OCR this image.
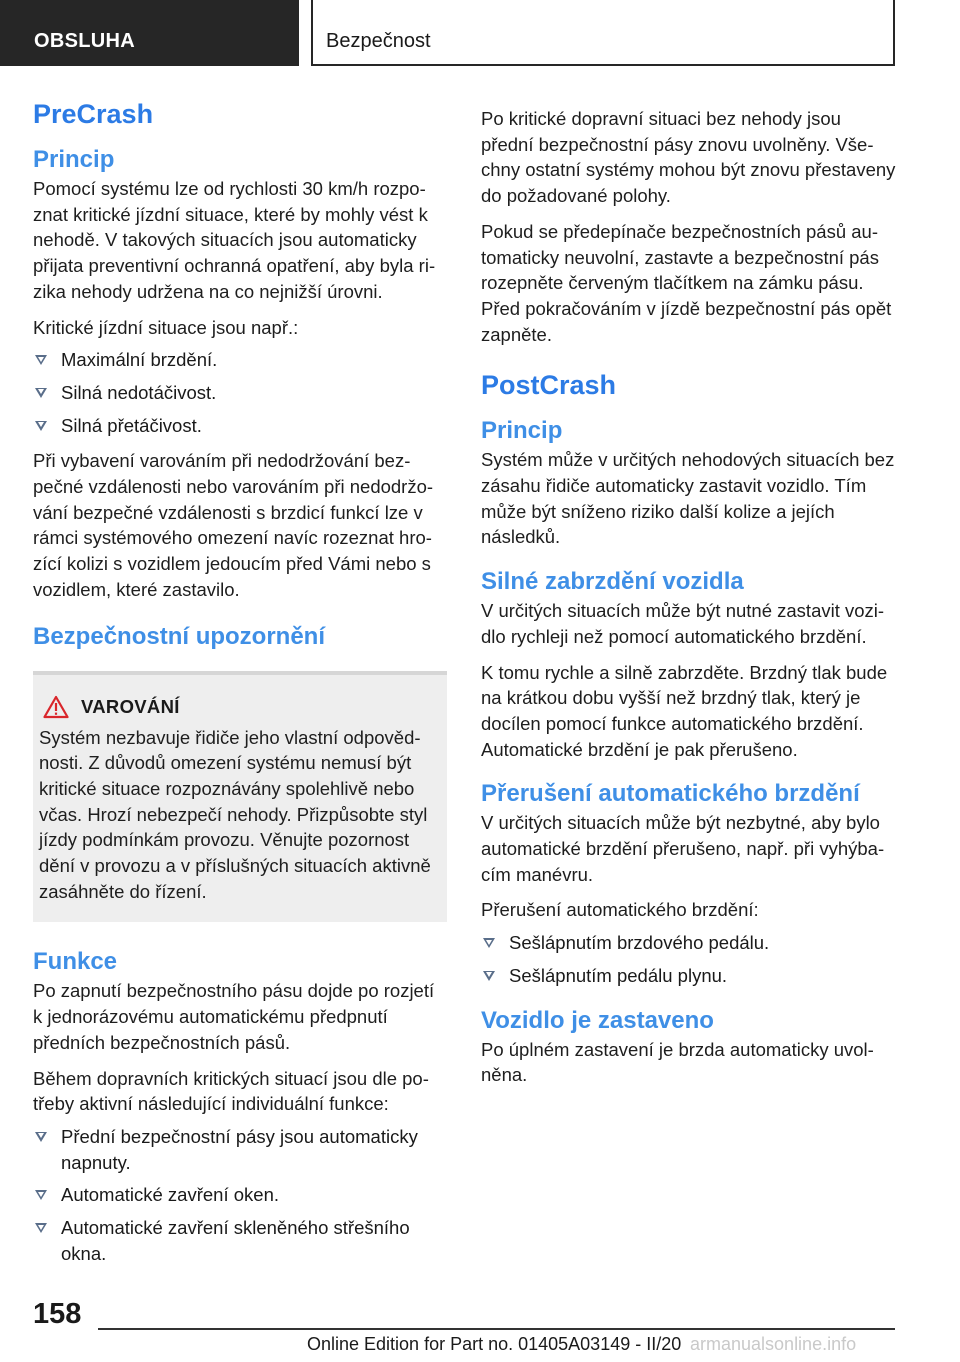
OBSLUHA	Bezpečnost
PreCrash
Princip

Pomocí systému lze od rychlosti 30 km/h rozpoznat kritické jízdní situace, které by mohly vést k nehodě. V takových situacích jsou automaticky přijata preventivní ochranná opatření, aby byla rizika nehody udržena na co nejnižší úrovni.

Kritické jízdní situace jsou např.:

Maximální brzdění.
Silná nedotáčivost.
Silná přetáčivost.

Při vybavení varováním při nedodržování bezpečné vzdálenosti nebo varováním při nedodržování bezpečné vzdálenosti s brzdicí funkcí lze v rámci systémového omezení navíc rozeznat hrozící kolizi s vozidlem jedoucím před Vámi nebo s vozidlem, které zastavilo.

Bezpečnostní upozornění
VAROVÁNÍ

Systém nezbavuje řidiče jeho vlastní odpovědnosti. Z důvodů omezení systému nemusí být kritické situace rozpoznávány spolehlivě nebo včas. Hrozí nebezpečí nehody. Přizpůsobte styl jízdy podmínkám provozu. Věnujte pozornost dění v provozu a v příslušných situacích aktivně zasáhněte do řízení.

Funkce

Po zapnutí bezpečnostního pásu dojde po rozjetí k jednorázovému automatickému předpnutí předních bezpečnostních pásů.

Během dopravních kritických situací jsou dle potřeby aktivní následující individuální funkce:

Přední bezpečnostní pásy jsou automaticky napnuty.
Automatické zavření oken.
Automatické zavření skleněného střešního okna.

Po kritické dopravní situaci bez nehody jsou přední bezpečnostní pásy znovu uvolněny. Všechny ostatní systémy mohou být znovu přestaveny do požadované polohy.

Pokud se předepínače bezpečnostních pásů automaticky neuvolní, zastavte a bezpečnostní pás rozepněte červeným tlačítkem na zámku pásu. Před pokračováním v jízdě bezpečnostní pás opět zapněte.

PostCrash
Princip

Systém může v určitých nehodových situacích bez zásahu řidiče automaticky zastavit vozidlo. Tím může být sníženo riziko další kolize a jejích následků.

Silné zabrzdění vozidla

V určitých situacích může být nutné zastavit vozidlo rychleji než pomocí automatického brzdění.

K tomu rychle a silně zabrzděte. Brzdný tlak bude na krátkou dobu vyšší než brzdný tlak, který je docílen pomocí funkce automatického brzdění. Automatické brzdění je pak přerušeno.

Přerušení automatického brzdění

V určitých situacích může být nezbytné, aby bylo automatické brzdění přerušeno, např. při vyhýbacím manévru.

Přerušení automatického brzdění:

Sešlápnutím brzdového pedálu.
Sešlápnutím pedálu plynu.
Vozidlo je zastaveno

Po úplném zastavení je brzda automaticky uvolněna.

158
Online Edition for Part no. 01405A03149 - II/20 armanualsonline.info
